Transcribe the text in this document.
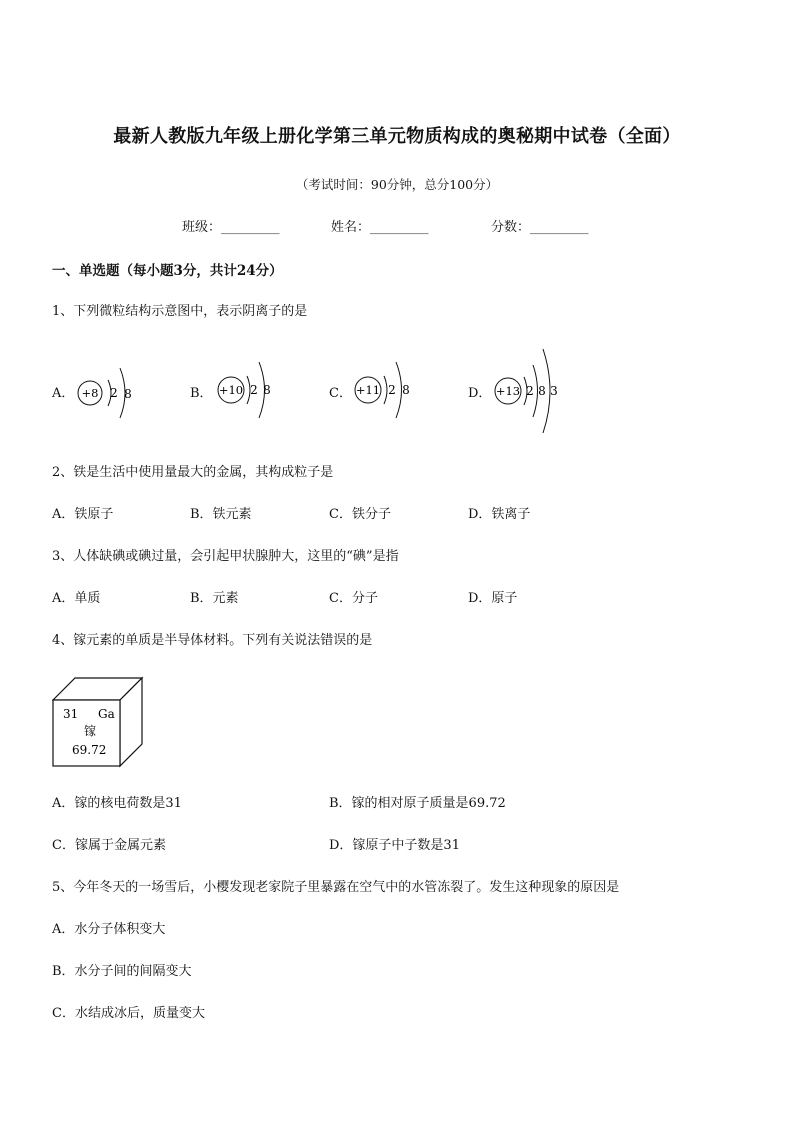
最新人教版九年级上册化学第三单元物质构成的奥秘期中试卷（全面）
（考试时间：90分钟，总分100分）
班级：_________	姓名：_________	分数：_________
一、单选题（每小题3分，共计24分）
1、下列微粒结构示意图中，表示阴离子的是
A． +8 2 8	B． +10 2 8	C． +11 2 8	D． +13 2 8 3
2、铁是生活中使用量最大的金属，其构成粒子是
A．铁原子	B．铁元素	C．铁分子	D．铁离子
3、人体缺碘或碘过量，会引起甲状腺肿大，这里的“碘”是指
A．单质	B．元素	C．分子	D．原子
4、镓元素的单质是半导体材料。下列有关说法错误的是
31 Ga
镓
69.72
A．镓的核电荷数是31	B．镓的相对原子质量是69.72
C．镓属于金属元素	D．镓原子中子数是31
5、今年冬天的一场雪后，小樱发现老家院子里暴露在空气中的水管冻裂了。发生这种现象的原因是
A．水分子体积变大
B．水分子间的间隔变大
C．水结成冰后，质量变大
